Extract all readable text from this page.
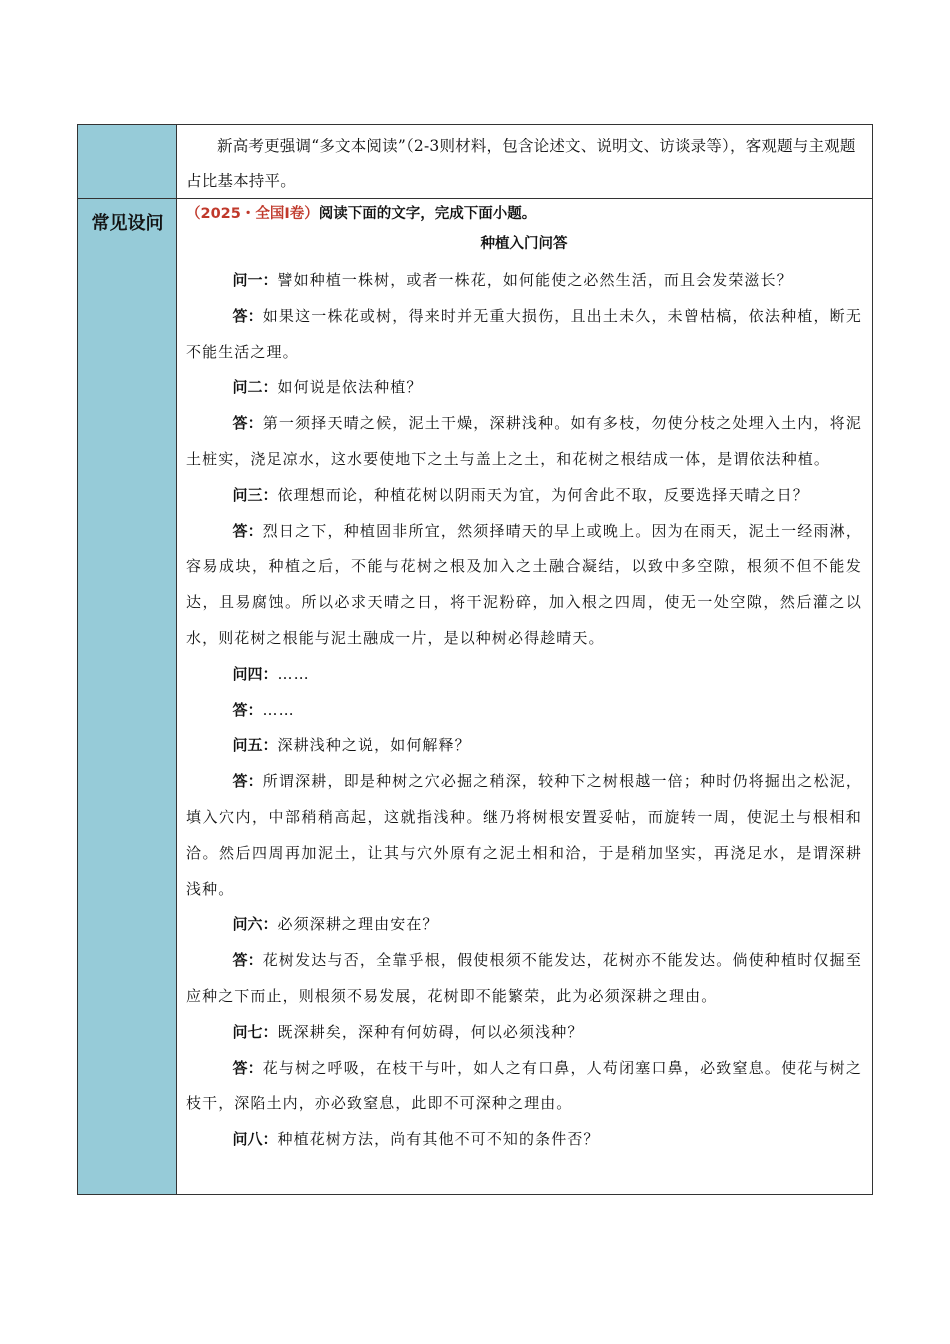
新高考更强调“多文本阅读”（2-3则材料，包含论述文、说明文、访谈录等），客观题与主观题占比基本持平。
常见设问	（2025・全国Ⅰ卷）阅读下面的文字，完成下面小题。

种植入门问答

问一：譬如种植一株树，或者一株花，如何能使之必然生活，而且会发荣滋长？

答：如果这一株花或树，得来时并无重大损伤，且出土未久，未曾枯槁，依法种植，断无不能生活之理。

问二：如何说是依法种植？

答：第一须择天晴之候，泥土干燥，深耕浅种。如有多枝，勿使分枝之处埋入土内，将泥土桩实，浇足凉水，这水要使地下之土与盖上之土，和花树之根结成一体，是谓依法种植。

问三：依理想而论，种植花树以阴雨天为宜，为何舍此不取，反要选择天晴之日？

答：烈日之下，种植固非所宜，然须择晴天的早上或晚上。因为在雨天，泥土一经雨淋，容易成块，种植之后，不能与花树之根及加入之土融合凝结，以致中多空隙，根须不但不能发达，且易腐蚀。所以必求天晴之日，将干泥粉碎，加入根之四周，使无一处空隙，然后灌之以水，则花树之根能与泥土融成一片，是以种树必得趁晴天。

问四：……

答：……

问五：深耕浅种之说，如何解释？

答：所谓深耕，即是种树之穴必掘之稍深，较种下之树根越一倍；种时仍将掘出之松泥，填入穴内，中部稍稍高起，这就指浅种。继乃将树根安置妥帖，而旋转一周，使泥土与根相和洽。然后四周再加泥土，让其与穴外原有之泥土相和洽，于是稍加坚实，再浇足水，是谓深耕浅种。

问六：必须深耕之理由安在？

答：花树发达与否，全靠乎根，假使根须不能发达，花树亦不能发达。倘使种植时仅掘至应种之下而止，则根须不易发展，花树即不能繁荣，此为必须深耕之理由。

问七：既深耕矣，深种有何妨碍，何以必须浅种？

答：花与树之呼吸，在枝干与叶，如人之有口鼻，人苟闭塞口鼻，必致窒息。使花与树之枝干，深陷土内，亦必致窒息，此即不可深种之理由。

问八：种植花树方法，尚有其他不可不知的条件否？
